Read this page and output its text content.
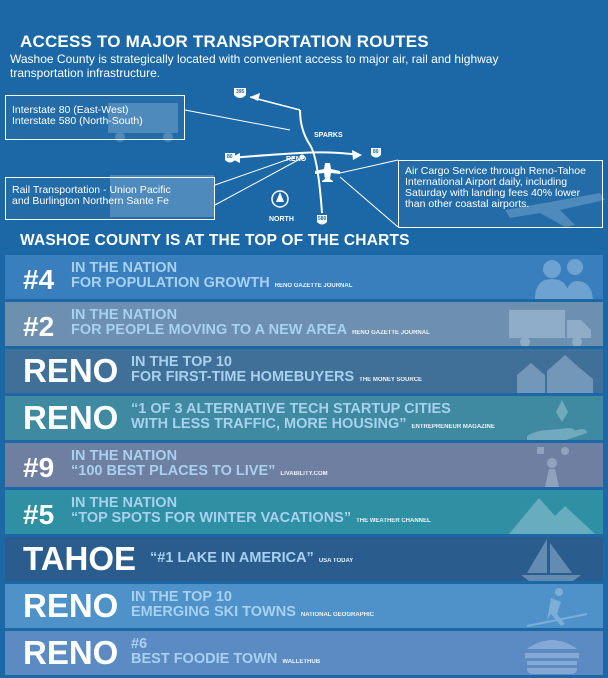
ACCESS TO MAJOR TRANSPORTATION ROUTES
Washoe County is strategically located with convenient access to major air, rail and highway transportation infrastructure.
395
80
80
580
SPARKS
RENO
NORTH
Interstate 80 (East-West)
Interstate 580 (North-South)
Rail Transportation - Union Pacific
and Burlington Northern Sante Fe
Air Cargo Service through Reno-Tahoe International Airport daily, including Saturday with landing fees 40% lower than other coastal airports.
WASHOE COUNTY IS AT THE TOP OF THE CHARTS
#4 IN THE NATION
FOR POPULATION GROWTH RENO GAZETTE JOURNAL
#2 IN THE NATION
FOR PEOPLE MOVING TO A NEW AREA RENO GAZETTE JOURNAL
RENO IN THE TOP 10
FOR FIRST-TIME HOMEBUYERS THE MONEY SOURCE
RENO “1 OF 3 ALTERNATIVE TECH STARTUP CITIES
WITH LESS TRAFFIC, MORE HOUSING” ENTREPRENEUR MAGAZINE
#9 IN THE NATION
“100 BEST PLACES TO LIVE” LIVABILITY.COM
#5 IN THE NATION
“TOP SPOTS FOR WINTER VACATIONS” THE WEATHER CHANNEL
TAHOE “#1 LAKE IN AMERICA” USA TODAY
RENO IN THE TOP 10
EMERGING SKI TOWNS NATIONAL GEOGRAPHIC
RENO #6
BEST FOODIE TOWN WALLETHUB
